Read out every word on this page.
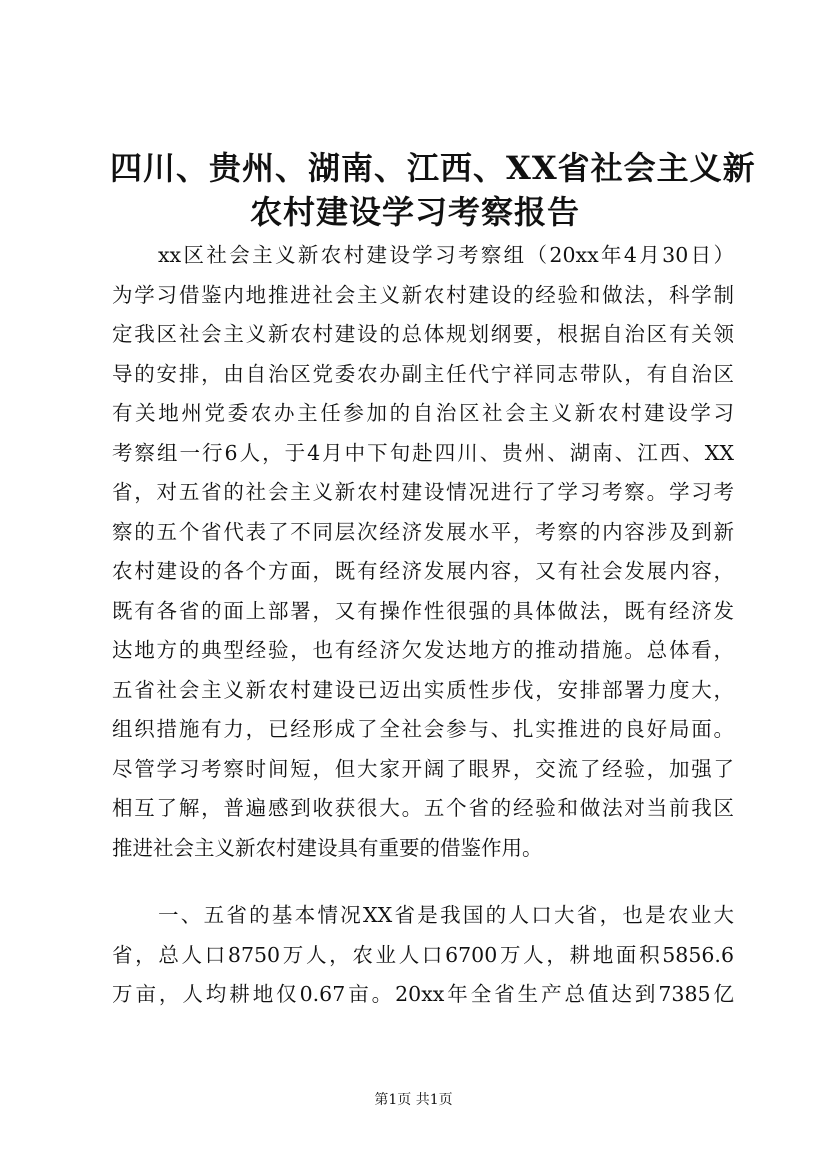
四川、贵州、湖南、江西、XX省社会主义新
农村建设学习考察报告
xx区社会主义新农村建设学习考察组（20xx年4月30日）
为学习借鉴内地推进社会主义新农村建设的经验和做法，科学制
定我区社会主义新农村建设的总体规划纲要，根据自治区有关领
导的安排，由自治区党委农办副主任代宁祥同志带队，有自治区
有关地州党委农办主任参加的自治区社会主义新农村建设学习
考察组一行6人，于4月中下旬赴四川、贵州、湖南、江西、XX
省，对五省的社会主义新农村建设情况进行了学习考察。学习考
察的五个省代表了不同层次经济发展水平，考察的内容涉及到新
农村建设的各个方面，既有经济发展内容，又有社会发展内容，
既有各省的面上部署，又有操作性很强的具体做法，既有经济发
达地方的典型经验，也有经济欠发达地方的推动措施。总体看，
五省社会主义新农村建设已迈出实质性步伐，安排部署力度大，
组织措施有力，已经形成了全社会参与、扎实推进的良好局面。
尽管学习考察时间短，但大家开阔了眼界，交流了经验，加强了
相互了解，普遍感到收获很大。五个省的经验和做法对当前我区
推进社会主义新农村建设具有重要的借鉴作用。
一、五省的基本情况XX省是我国的人口大省，也是农业大
省，总人口8750万人，农业人口6700万人，耕地面积5856.6
万亩，人均耕地仅0.67亩。20xx年全省生产总值达到7385亿
第1页 共1页
